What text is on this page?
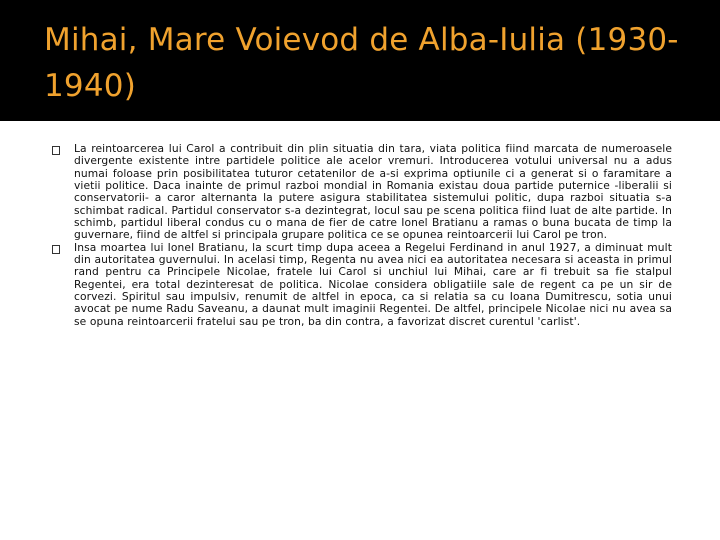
Mihai, Mare Voievod de Alba-Iulia (1930-1940)
La reintoarcerea lui Carol a contribuit din plin situatia din tara, viata politica fiind marcata de numeroasele divergente existente intre partidele politice ale acelor vremuri. Introducerea votului universal nu a adus numai foloase prin posibilitatea tuturor cetatenilor de a-si exprima optiunile ci a generat si o faramitare a vietii politice. Daca inainte de primul razboi mondial in Romania existau doua partide puternice -liberalii si conservatorii- a caror alternanta la putere asigura stabilitatea sistemului politic, dupa razboi situatia s-a schimbat radical. Partidul conservator s-a dezintegrat, locul sau pe scena politica fiind luat de alte partide. In schimb, partidul liberal condus cu o mana de fier de catre Ionel Bratianu a ramas o buna bucata de timp la guvernare, fiind de altfel si principala grupare politica ce se opunea reintoarcerii lui Carol pe tron.
Insa moartea lui Ionel Bratianu, la scurt timp dupa aceea a Regelui Ferdinand in anul 1927, a diminuat mult din autoritatea guvernului. In acelasi timp, Regenta nu avea nici ea autoritatea necesara si aceasta in primul rand pentru ca Principele Nicolae, fratele lui Carol si unchiul lui Mihai, care ar fi trebuit sa fie stalpul Regentei, era total dezinteresat de politica. Nicolae considera obligatiile sale de regent ca pe un sir de corvezi. Spiritul sau impulsiv, renumit de altfel in epoca, ca si relatia sa cu Ioana Dumitrescu, sotia unui avocat pe nume Radu Saveanu, a daunat mult imaginii Regentei. De altfel, principele Nicolae nici nu avea sa se opuna reintoarcerii fratelui sau pe tron, ba din contra, a favorizat discret curentul 'carlist'.
